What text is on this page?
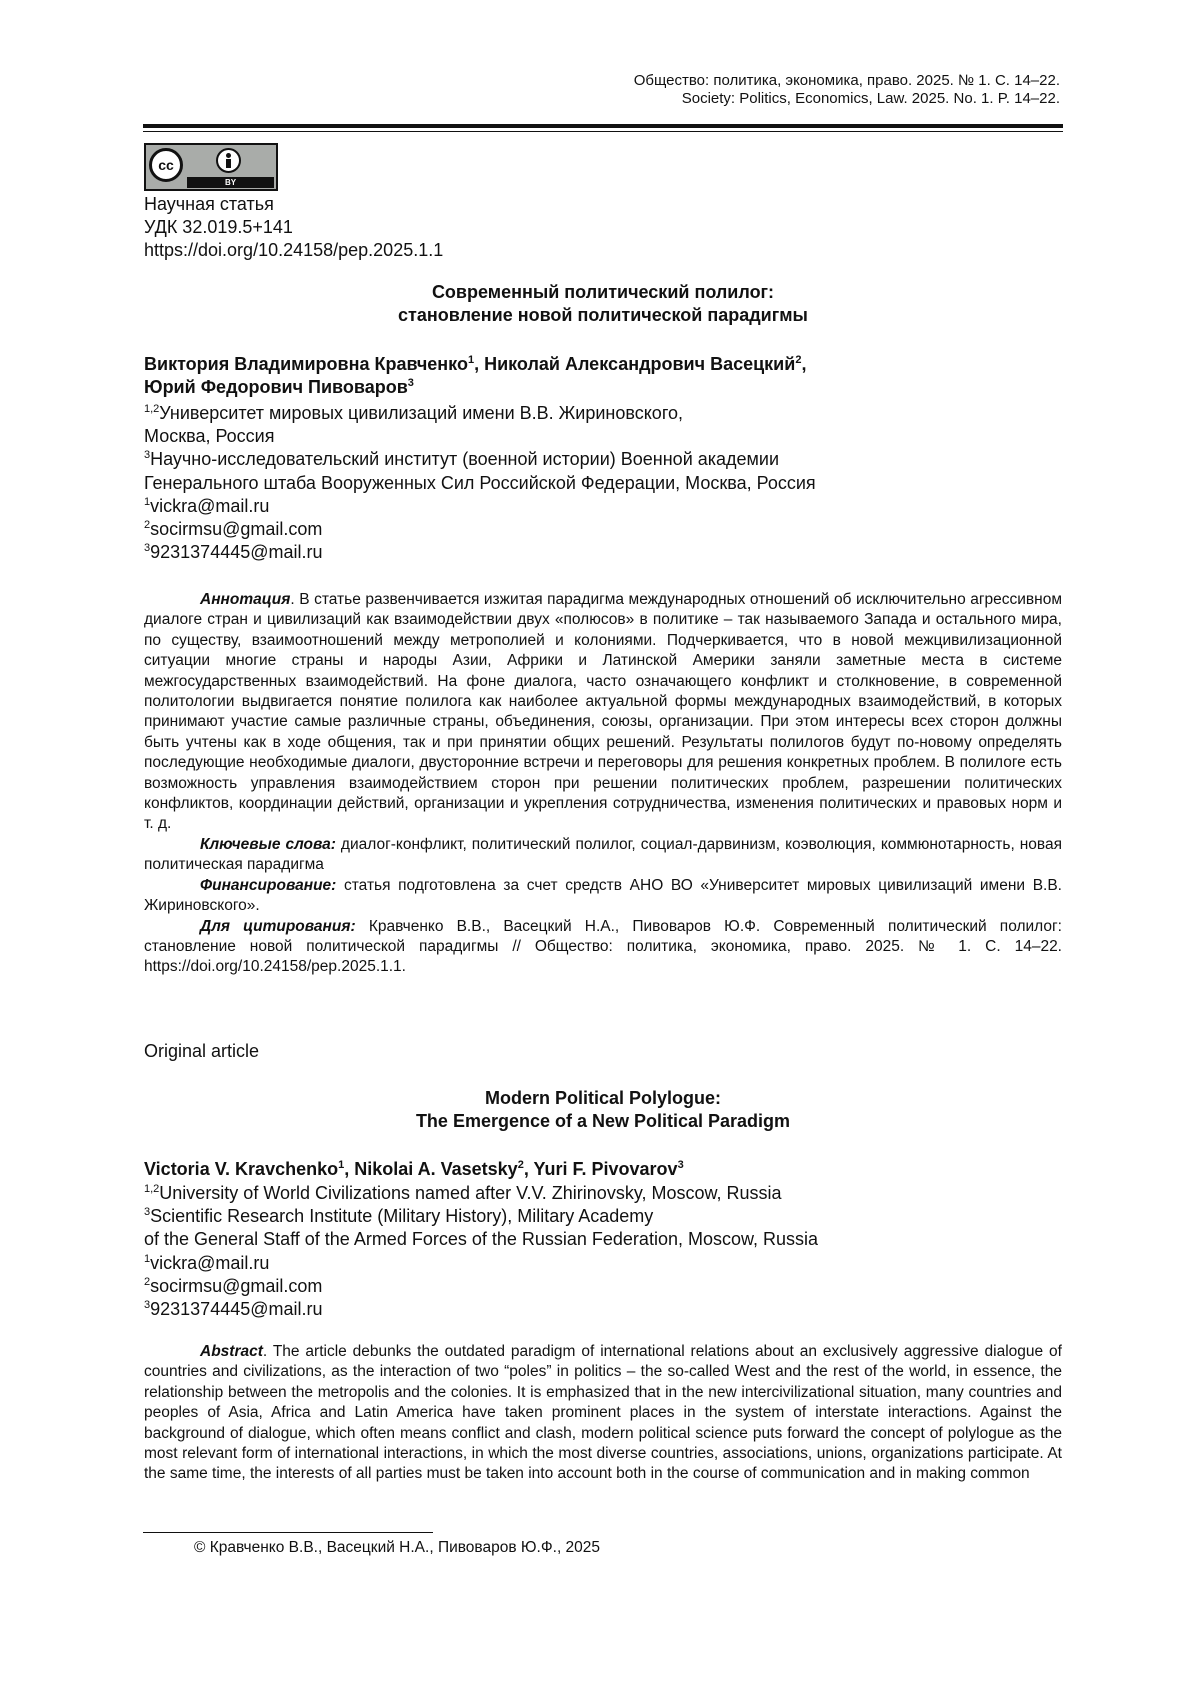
Общество: политика, экономика, право. 2025. № 1. С. 14–22.
Society: Politics, Economics, Law. 2025. No. 1. P. 14–22.
cc
BY
Научная статья
УДК 32.019.5+141
https://doi.org/10.24158/pep.2025.1.1
Современный политический полилог:
становление новой политической парадигмы
Виктория Владимировна Кравченко$^1$, Николай Александрович Васецкий$^2$,
Юрий Федорович Пивоваров$^3$
$^{1,2}$Университет мировых цивилизаций имени В.В. Жириновского,
Москва, Россия
$^3$Научно-исследовательский институт (военной истории) Военной академии
Генерального штаба Вооруженных Сил Российской Федерации, Москва, Россия
$^1$vickra@mail.ru
$^2$socirmsu@gmail.com
$^3$9231374445@mail.ru

Аннотация. В статье развенчивается изжитая парадигма международных отношений об исключительно агрессивном диалоге стран и цивилизаций как взаимодействии двух «полюсов» в политике – так называемого Запада и остального мира, по существу, взаимоотношений между метрополией и колониями. Подчеркивается, что в новой межцивилизационной ситуации многие страны и народы Азии, Африки и Латинской Америки заняли заметные места в системе межгосударственных взаимодействий. На фоне диалога, часто означающего конфликт и столкновение, в современной политологии выдвигается понятие полилога как наиболее актуальной формы международных взаимодействий, в которых принимают участие самые различные страны, объединения, союзы, организации. При этом интересы всех сторон должны быть учтены как в ходе общения, так и при принятии общих решений. Результаты полилогов будут по-новому определять последующие необходимые диалоги, двусторонние встречи и переговоры для решения конкретных проблем. В полилоге есть возможность управления взаимодействием сторон при решении политических проблем, разрешении политических конфликтов, координации действий, организации и укрепления сотрудничества, изменения политических и правовых норм и т. д.

Ключевые слова: диалог-конфликт, политический полилог, социал-дарвинизм, коэволюция, коммюнотарность, новая политическая парадигма

Финансирование: статья подготовлена за счет средств АНО ВО «Университет мировых цивилизаций имени В.В. Жириновского».

Для цитирования: Кравченко В.В., Васецкий Н.А., Пивоваров Ю.Ф. Современный политический полилог: становление новой политической парадигмы // Общество: политика, экономика, право. 2025. № 1. С. 14–22. https://doi.org/10.24158/pep.2025.1.1.

Original article
Modern Political Polylogue:
The Emergence of a New Political Paradigm
Victoria V. Kravchenko$^1$, Nikolai A. Vasetsky$^2$, Yuri F. Pivovarov$^3$
$^{1,2}$University of World Civilizations named after V.V. Zhirinovsky, Moscow, Russia
$^3$Scientific Research Institute (Military History), Military Academy
of the General Staff of the Armed Forces of the Russian Federation, Moscow, Russia
$^1$vickra@mail.ru
$^2$socirmsu@gmail.com
$^3$9231374445@mail.ru

Abstract. The article debunks the outdated paradigm of international relations about an exclusively aggressive dialogue of countries and civilizations, as the interaction of two “poles” in politics – the so-called West and the rest of the world, in essence, the relationship between the metropolis and the colonies. It is emphasized that in the new intercivilizational situation, many countries and peoples of Asia, Africa and Latin America have taken prominent places in the system of interstate interactions. Against the background of dialogue, which often means conflict and clash, modern political science puts forward the concept of polylogue as the most relevant form of international interactions, in which the most diverse countries, associations, unions, organizations participate. At the same time, the interests of all parties must be taken into account both in the course of communication and in making common

© Кравченко В.В., Васецкий Н.А., Пивоваров Ю.Ф., 2025
